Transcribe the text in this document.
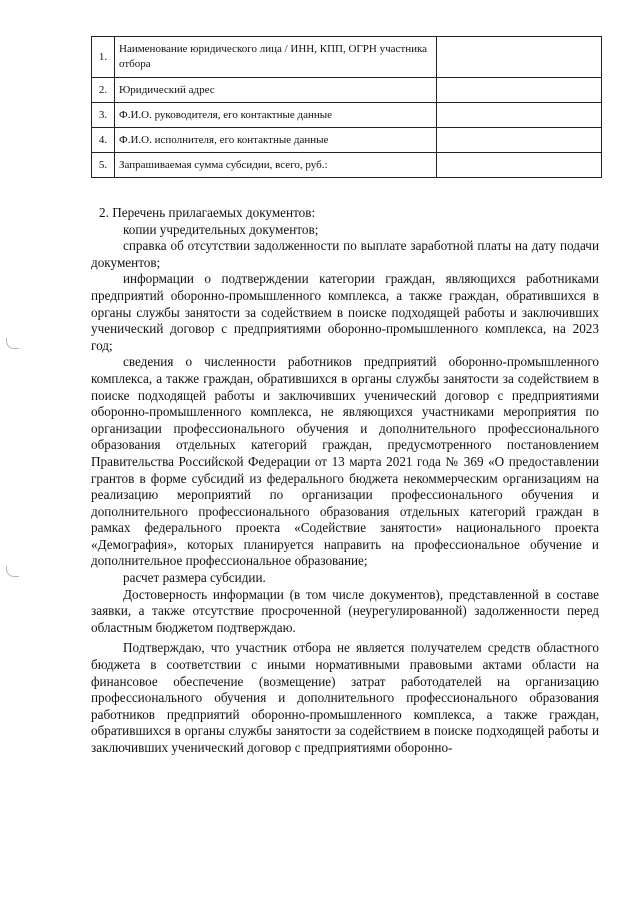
1.	Наименование юридического лица / ИНН, КПП, ОГРН участника отбора	
2.	Юридический адрес	
3.	Ф.И.О. руководителя, его контактные данные	
4.	Ф.И.О. исполнителя, его контактные данные	
5.	Запрашиваемая сумма субсидии, всего, руб.:	

2. Перечень прилагаемых документов:

копии учредительных документов;

справка об отсутствии задолженности по выплате заработной платы на дату подачи документов;

информации о подтверждении категории граждан, являющихся работниками предприятий оборонно-промышленного комплекса, а также граждан, обратившихся в органы службы занятости за содействием в поиске подходящей работы и заключивших ученический договор с предприятиями оборонно-промышленного комплекса, на 2023 год;

сведения о численности работников предприятий оборонно-промышленного комплекса, а также граждан, обратившихся в органы службы занятости за содействием в поиске подходящей работы и заключивших ученический договор с предприятиями оборонно-промышленного комплекса, не являющихся участниками мероприятия по организации профессионального обучения и дополнительного профессионального образования отдельных категорий граждан, предусмотренного постановлением Правительства Российской Федерации от 13 марта 2021 года № 369 «О предоставлении грантов в форме субсидий из федерального бюджета некоммерческим организациям на реализацию мероприятий по организации профессионального обучения и дополнительного профессионального образования отдельных категорий граждан в рамках федерального проекта «Содействие занятости» национального проекта «Демография», которых планируется направить на профессиональное обучение и дополнительное профессиональное образование;

расчет размера субсидии.

Достоверность информации (в том числе документов), представленной в составе заявки, а также отсутствие просроченной (неурегулированной) задолженности перед областным бюджетом подтверждаю.

Подтверждаю, что участник отбора не является получателем средств областного бюджета в соответствии с иными нормативными правовыми актами области на финансовое обеспечение (возмещение) затрат работодателей на организацию профессионального обучения и дополнительного профессионального образования работников предприятий оборонно-промышленного комплекса, а также граждан, обратившихся в органы службы занятости за содействием в поиске подходящей работы и заключивших ученический договор с предприятиями оборонно-
